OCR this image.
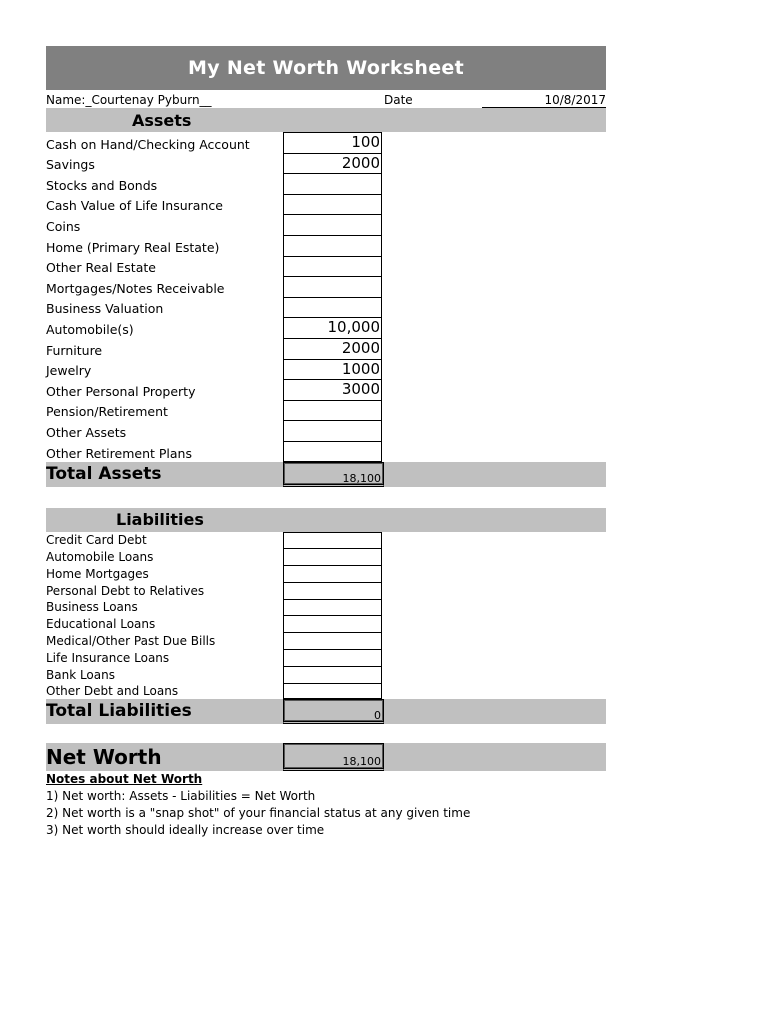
My Net Worth Worksheet
Name:_Courtenay Pyburn__	Date	10/8/2017
Assets
Cash on Hand/Checking Account	100
Savings	2000
Stocks and Bonds
Cash Value of Life Insurance
Coins
Home (Primary Real Estate)
Other Real Estate
Mortgages/Notes Receivable
Business Valuation
Automobile(s)	10,000
Furniture	2000
Jewelry	1000
Other Personal Property	3000
Pension/Retirement
Other Assets
Other Retirement Plans
Total Assets	18,100
Liabilities
Credit Card Debt
Automobile Loans
Home Mortgages
Personal Debt to Relatives
Business Loans
Educational Loans
Medical/Other Past Due Bills
Life Insurance Loans
Bank Loans
Other Debt and Loans
Total Liabilities	0
Net Worth	18,100
Notes about Net Worth
1) Net worth: Assets - Liabilities = Net Worth
2) Net worth is a "snap shot" of your financial status at any given time
3) Net worth should ideally increase over time
